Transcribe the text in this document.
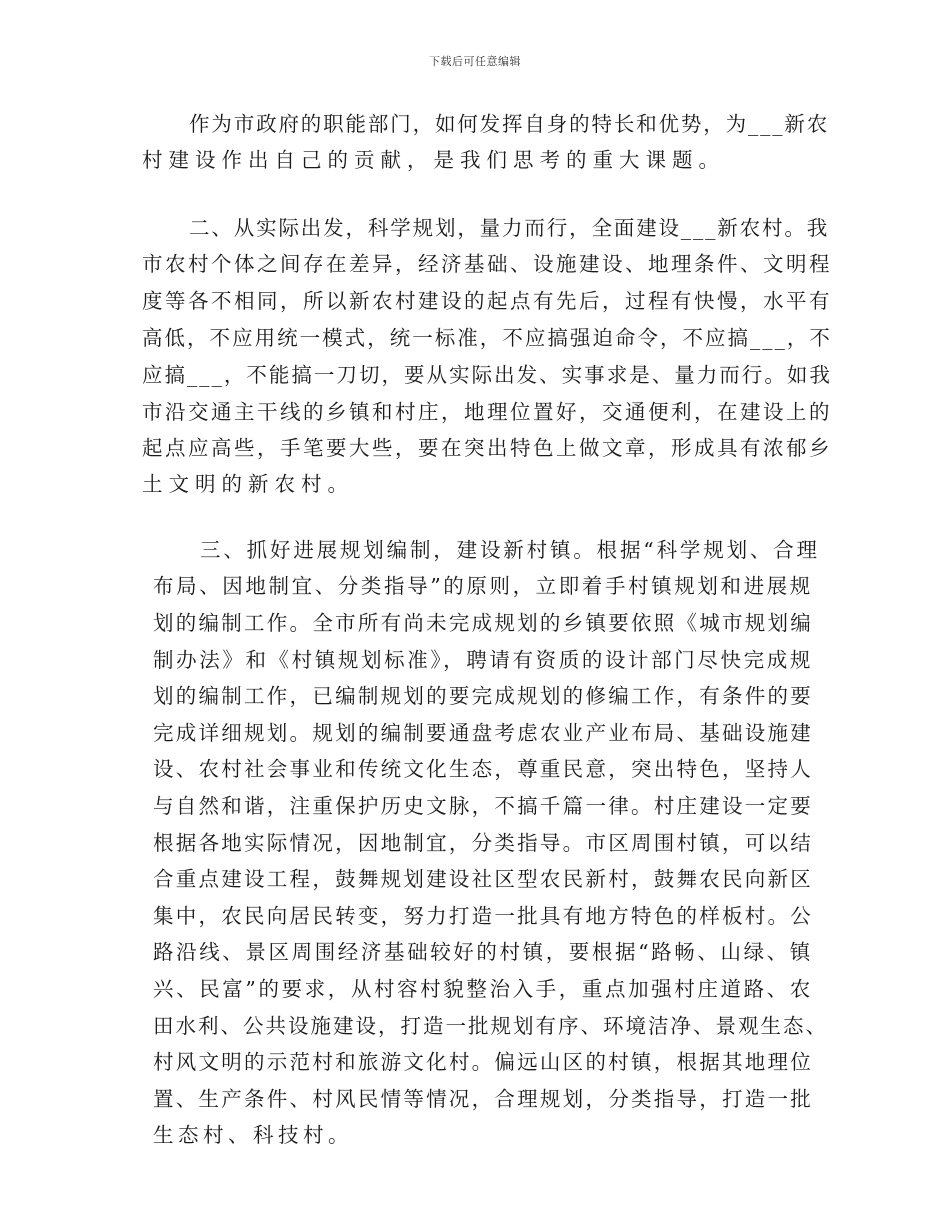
下载后可任意编辑
作为市政府的职能部门，如何发挥自身的特长和优势，为___新农
村建设作出自己的贡献，是我们思考的重大课题。
二、从实际出发，科学规划，量力而行，全面建设___新农村。我
市农村个体之间存在差异，经济基础、设施建设、地理条件、文明程
度等各不相同，所以新农村建设的起点有先后，过程有快慢，水平有
高低，不应用统一模式，统一标准，不应搞强迫命令，不应搞___，不
应搞___，不能搞一刀切，要从实际出发、实事求是、量力而行。如我
市沿交通主干线的乡镇和村庄，地理位置好，交通便利，在建设上的
起点应高些，手笔要大些，要在突出特色上做文章，形成具有浓郁乡
土文明的新农村。
三、抓好进展规划编制，建设新村镇。根据“科学规划、合理
布局、因地制宜、分类指导”的原则，立即着手村镇规划和进展规
划的编制工作。全市所有尚未完成规划的乡镇要依照《城市规划编
制办法》和《村镇规划标准》，聘请有资质的设计部门尽快完成规
划的编制工作，已编制规划的要完成规划的修编工作，有条件的要
完成详细规划。规划的编制要通盘考虑农业产业布局、基础设施建
设、农村社会事业和传统文化生态，尊重民意，突出特色，坚持人
与自然和谐，注重保护历史文脉，不搞千篇一律。村庄建设一定要
根据各地实际情况，因地制宜，分类指导。市区周围村镇，可以结
合重点建设工程，鼓舞规划建设社区型农民新村，鼓舞农民向新区
集中，农民向居民转变，努力打造一批具有地方特色的样板村。公
路沿线、景区周围经济基础较好的村镇，要根据“路畅、山绿、镇
兴、民富”的要求，从村容村貌整治入手，重点加强村庄道路、农
田水利、公共设施建设，打造一批规划有序、环境洁净、景观生态、
村风文明的示范村和旅游文化村。偏远山区的村镇，根据其地理位
置、生产条件、村风民情等情况，合理规划，分类指导，打造一批
生态村、科技村。
